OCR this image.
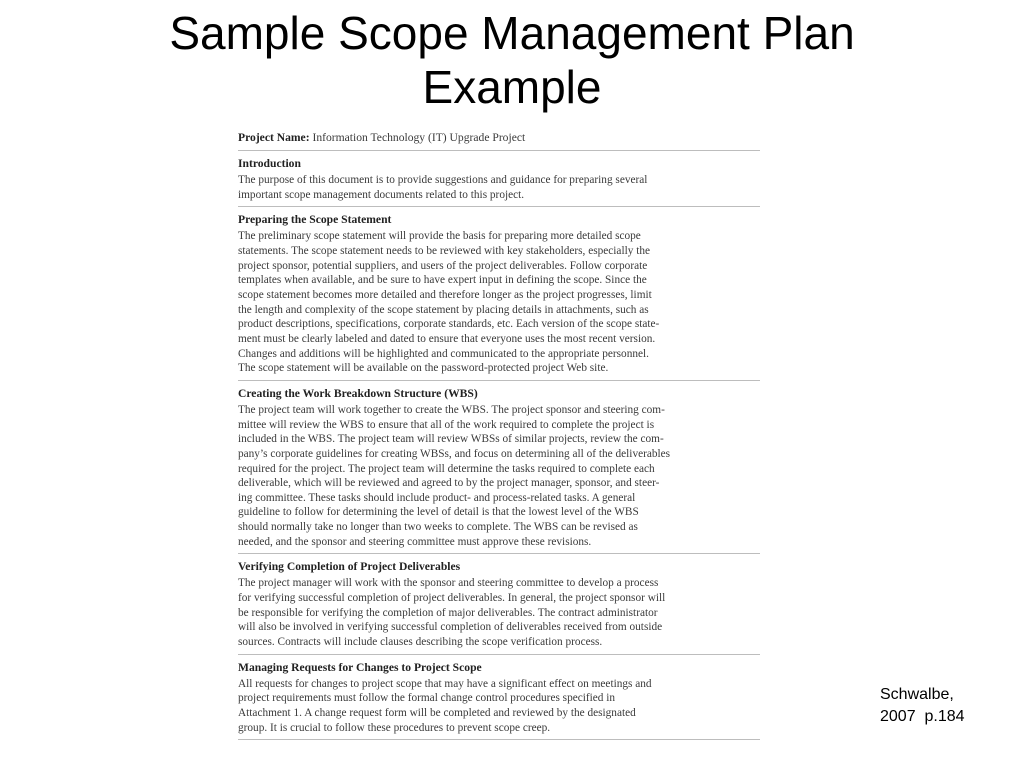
Sample Scope Management Plan
Example
Project Name: Information Technology (IT) Upgrade Project
Introduction
The purpose of this document is to provide suggestions and guidance for preparing several
important scope management documents related to this project.
Preparing the Scope Statement
The preliminary scope statement will provide the basis for preparing more detailed scope
statements. The scope statement needs to be reviewed with key stakeholders, especially the
project sponsor, potential suppliers, and users of the project deliverables. Follow corporate
templates when available, and be sure to have expert input in defining the scope. Since the
scope statement becomes more detailed and therefore longer as the project progresses, limit
the length and complexity of the scope statement by placing details in attachments, such as
product descriptions, specifications, corporate standards, etc. Each version of the scope state-
ment must be clearly labeled and dated to ensure that everyone uses the most recent version.
Changes and additions will be highlighted and communicated to the appropriate personnel.
The scope statement will be available on the password-protected project Web site.
Creating the Work Breakdown Structure (WBS)
The project team will work together to create the WBS. The project sponsor and steering com-
mittee will review the WBS to ensure that all of the work required to complete the project is
included in the WBS. The project team will review WBSs of similar projects, review the com-
pany’s corporate guidelines for creating WBSs, and focus on determining all of the deliverables
required for the project. The project team will determine the tasks required to complete each
deliverable, which will be reviewed and agreed to by the project manager, sponsor, and steer-
ing committee. These tasks should include product- and process-related tasks. A general
guideline to follow for determining the level of detail is that the lowest level of the WBS
should normally take no longer than two weeks to complete. The WBS can be revised as
needed, and the sponsor and steering committee must approve these revisions.
Verifying Completion of Project Deliverables
The project manager will work with the sponsor and steering committee to develop a process
for verifying successful completion of project deliverables. In general, the project sponsor will
be responsible for verifying the completion of major deliverables. The contract administrator
will also be involved in verifying successful completion of deliverables received from outside
sources. Contracts will include clauses describing the scope verification process.
Managing Requests for Changes to Project Scope
All requests for changes to project scope that may have a significant effect on meetings and
project requirements must follow the formal change control procedures specified in
Attachment 1. A change request form will be completed and reviewed by the designated
group. It is crucial to follow these procedures to prevent scope creep.
Schwalbe,
2007  p.184
